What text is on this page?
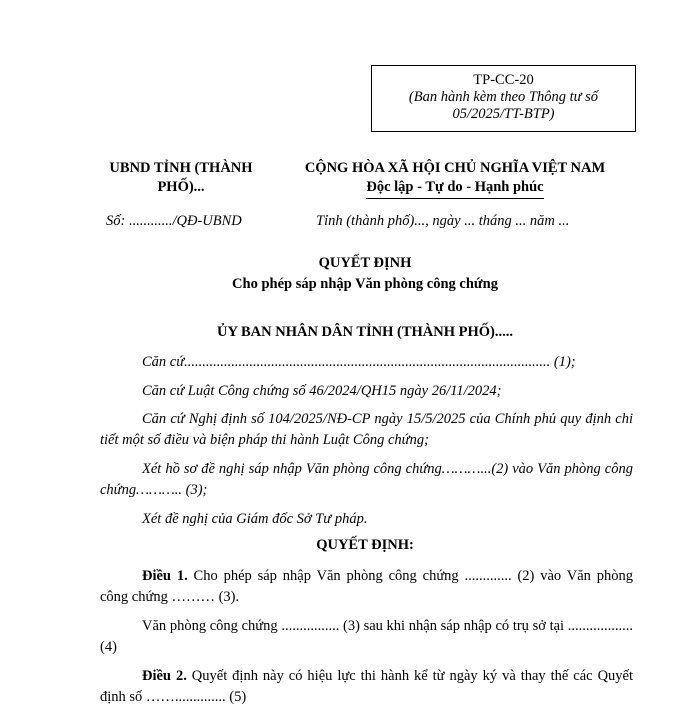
TP-CC-20
(Ban hành kèm theo Thông tư số
05/2025/TT-BTP)
UBND TỈNH (THÀNH
PHỐ)...
CỘNG HÒA XÃ HỘI CHỦ NGHĨA VIỆT NAM
Độc lập - Tự do - Hạnh phúc
Số: ............/QĐ-UBND	Tỉnh (thành phố)..., ngày ... tháng ... năm ...
QUYẾT ĐỊNH
Cho phép sáp nhập Văn phòng công chứng
ỦY BAN NHÂN DÂN TỈNH (THÀNH PHỐ).....
Căn cứ..................................................................................................... (1);
Căn cứ Luật Công chứng số 46/2024/QH15 ngày 26/11/2024;
Căn cứ Nghị định số 104/2025/NĐ-CP ngày 15/5/2025 của Chính phủ quy định chi tiết một số điều và biện pháp thi hành Luật Công chứng;
Xét hồ sơ đề nghị sáp nhập Văn phòng công chứng………...(2) vào Văn phòng công chứng……….. (3);
Xét đề nghị của Giám đốc Sở Tư pháp.
QUYẾT ĐỊNH:
Điều 1. Cho phép sáp nhập Văn phòng công chứng ............. (2) vào Văn phòng công chứng ……… (3).
Văn phòng công chứng ................ (3) sau khi nhận sáp nhập có trụ sở tại .................. (4)
Điều 2. Quyết định này có hiệu lực thi hành kể từ ngày ký và thay thế các Quyết định số …….............. (5)
